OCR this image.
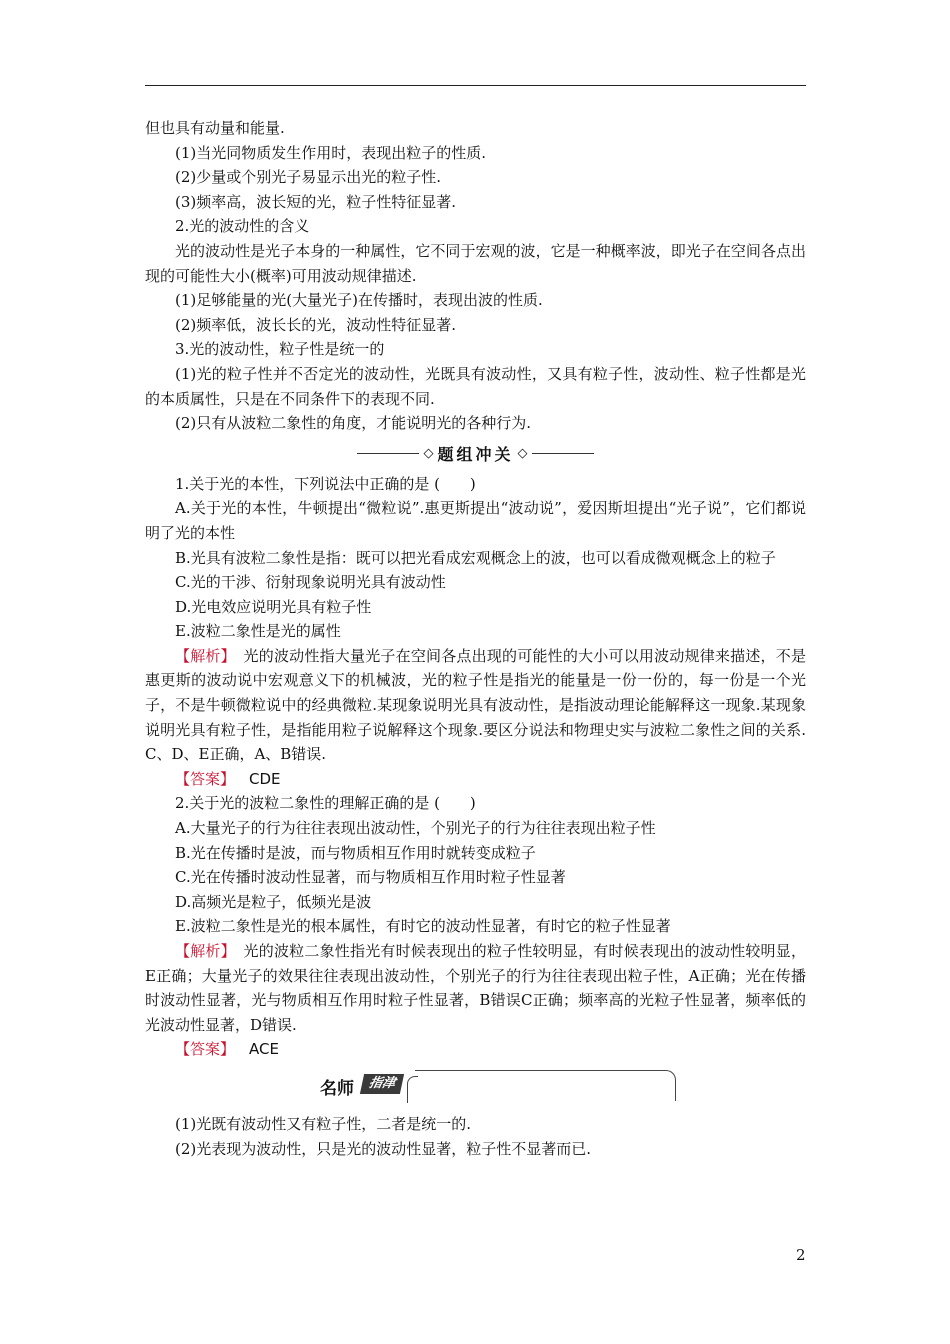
但也具有动量和能量.

(1)当光同物质发生作用时，表现出粒子的性质.

(2)少量或个别光子易显示出光的粒子性.

(3)频率高，波长短的光，粒子性特征显著.

2.光的波动性的含义

光的波动性是光子本身的一种属性，它不同于宏观的波，它是一种概率波，即光子在空间各点出现的可能性大小(概率)可用波动规律描述.

(1)足够能量的光(大量光子)在传播时，表现出波的性质.

(2)频率低，波长长的光，波动性特征显著.

3.光的波动性，粒子性是统一的

(1)光的粒子性并不否定光的波动性，光既具有波动性，又具有粒子性，波动性、粒子性都是光的本质属性，只是在不同条件下的表现不同.

(2)只有从波粒二象性的角度，才能说明光的各种行为.

◇ 题组冲关 ◇

1.关于光的本性，下列说法中正确的是 (　　)

A.关于光的本性，牛顿提出“微粒说”.惠更斯提出“波动说”，爱因斯坦提出“光子说”，它们都说明了光的本性

B.光具有波粒二象性是指：既可以把光看成宏观概念上的波，也可以看成微观概念上的粒子

C.光的干涉、衍射现象说明光具有波动性

D.光电效应说明光具有粒子性

E.波粒二象性是光的属性

【解析】　 光的波动性指大量光子在空间各点出现的可能性的大小可以用波动规律来描述，不是惠更斯的波动说中宏观意义下的机械波，光的粒子性是指光的能量是一份一份的，每一份是一个光子，不是牛顿微粒说中的经典微粒.某现象说明光具有波动性，是指波动理论能解释这一现象.某现象说明光具有粒子性，是指能用粒子说解释这个现象.要区分说法和物理史实与波粒二象性之间的关系.C、D、E正确，A、B错误.

【答案】 CDE

2.关于光的波粒二象性的理解正确的是 (　　)

A.大量光子的行为往往表现出波动性，个别光子的行为往往表现出粒子性

B.光在传播时是波，而与物质相互作用时就转变成粒子

C.光在传播时波动性显著，而与物质相互作用时粒子性显著

D.高频光是粒子，低频光是波

E.波粒二象性是光的根本属性，有时它的波动性显著，有时它的粒子性显著

【解析】　 光的波粒二象性指光有时候表现出的粒子性较明显，有时候表现出的波动性较明显，E正确；大量光子的效果往往表现出波动性，个别光子的行为往往表现出粒子性，A正确；光在传播时波动性显著，光与物质相互作用时粒子性显著，B错误C正确；频率高的光粒子性显著，频率低的光波动性显著，D错误.

【答案】 ACE

名师	指津

(1)光既有波动性又有粒子性，二者是统一的.

(2)光表现为波动性，只是光的波动性显著，粒子性不显著而已.

2
